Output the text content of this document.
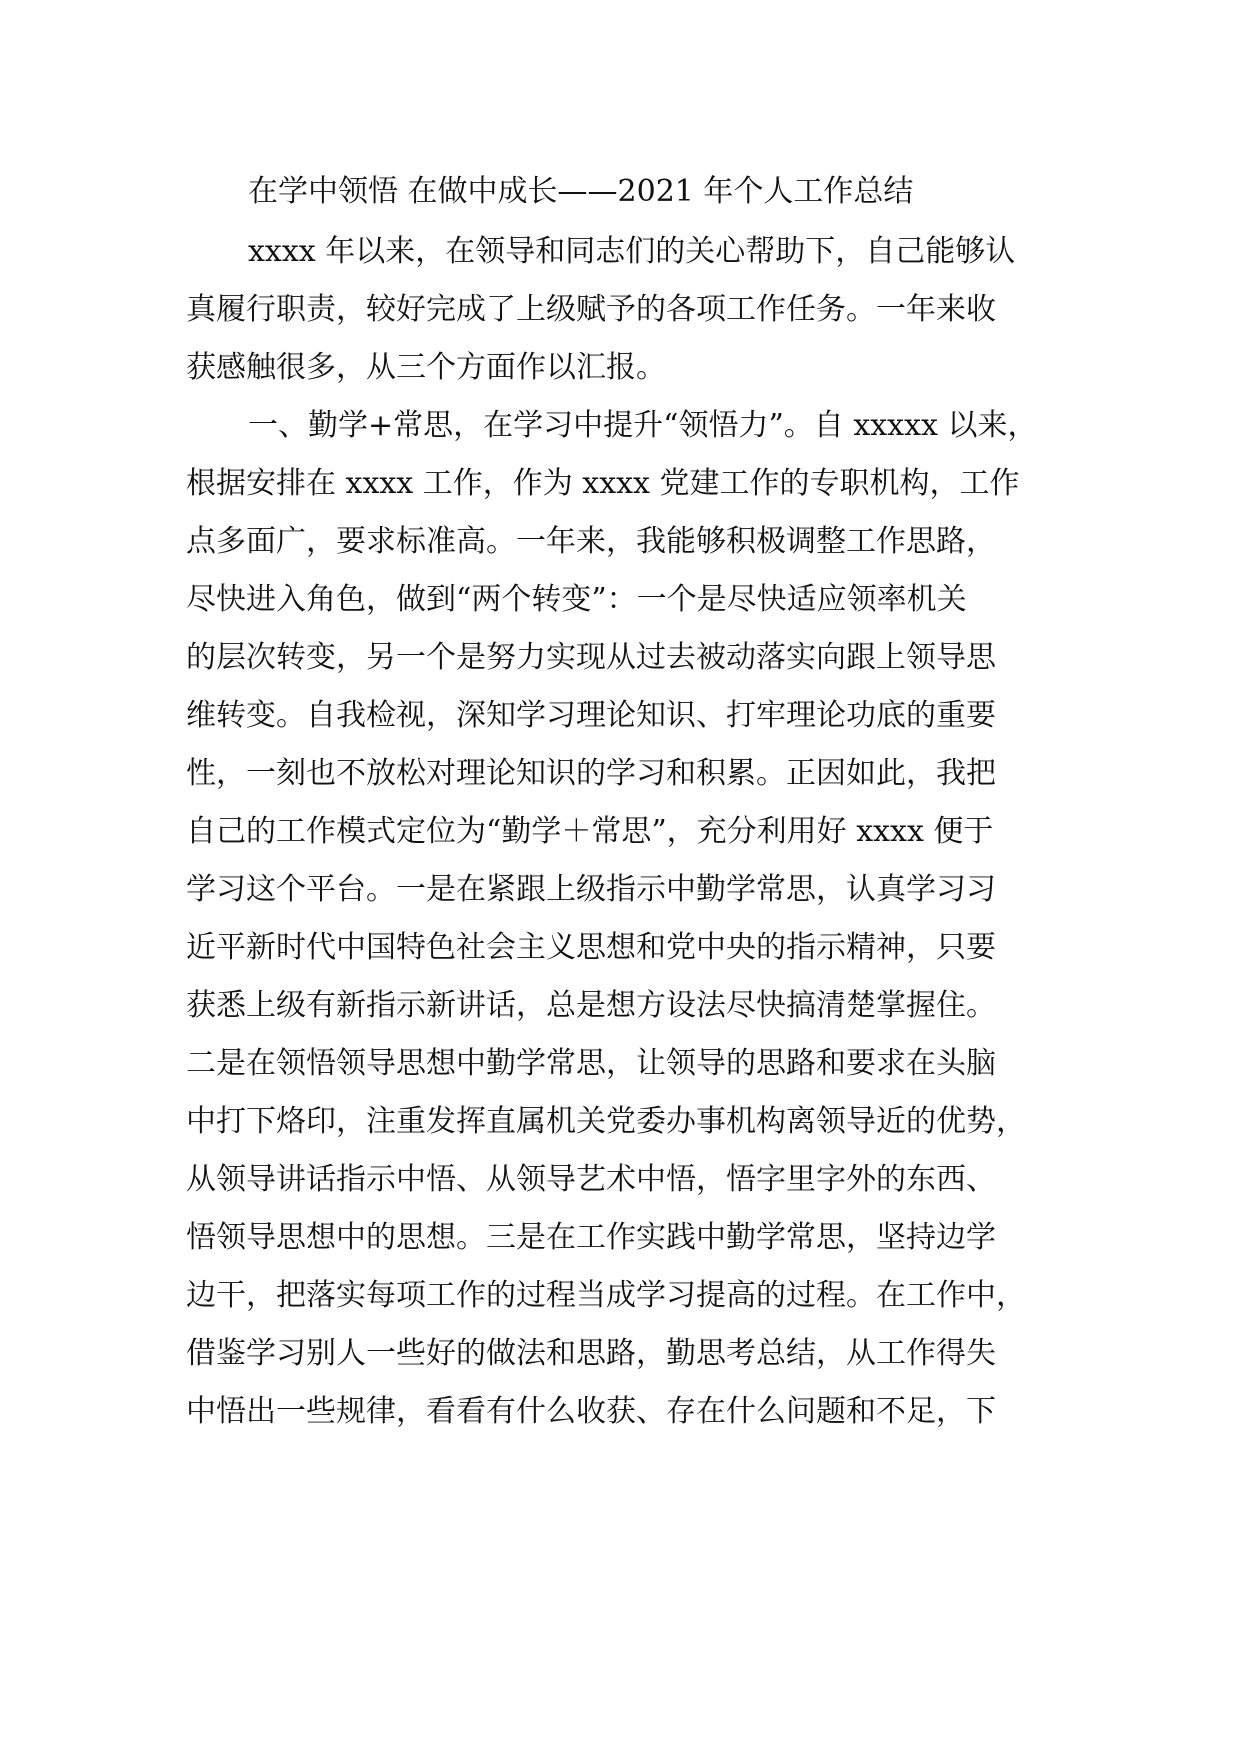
在学中领悟 在做中成长——2021 年个人工作总结
xxxx 年以来，在领导和同志们的关心帮助下，自己能够认
真履行职责，较好完成了上级赋予的各项工作任务。一年来收
获感触很多，从三个方面作以汇报。
一、勤学+常思，在学习中提升“领悟力”。自 xxxxx 以来，
根据安排在 xxxx 工作，作为 xxxx 党建工作的专职机构，工作
点多面广，要求标准高。一年来，我能够积极调整工作思路，
尽快进入角色，做到“两个转变”：一个是尽快适应领率机关
的层次转变，另一个是努力实现从过去被动落实向跟上领导思
维转变。自我检视，深知学习理论知识、打牢理论功底的重要
性，一刻也不放松对理论知识的学习和积累。正因如此，我把
自己的工作模式定位为“勤学＋常思”，充分利用好 xxxx 便于
学习这个平台。一是在紧跟上级指示中勤学常思，认真学习习
近平新时代中国特色社会主义思想和党中央的指示精神，只要
获悉上级有新指示新讲话，总是想方设法尽快搞清楚掌握住。
二是在领悟领导思想中勤学常思，让领导的思路和要求在头脑
中打下烙印，注重发挥直属机关党委办事机构离领导近的优势，
从领导讲话指示中悟、从领导艺术中悟，悟字里字外的东西、
悟领导思想中的思想。三是在工作实践中勤学常思，坚持边学
边干，把落实每项工作的过程当成学习提高的过程。在工作中，
借鉴学习别人一些好的做法和思路，勤思考总结，从工作得失
中悟出一些规律，看看有什么收获、存在什么问题和不足，下
